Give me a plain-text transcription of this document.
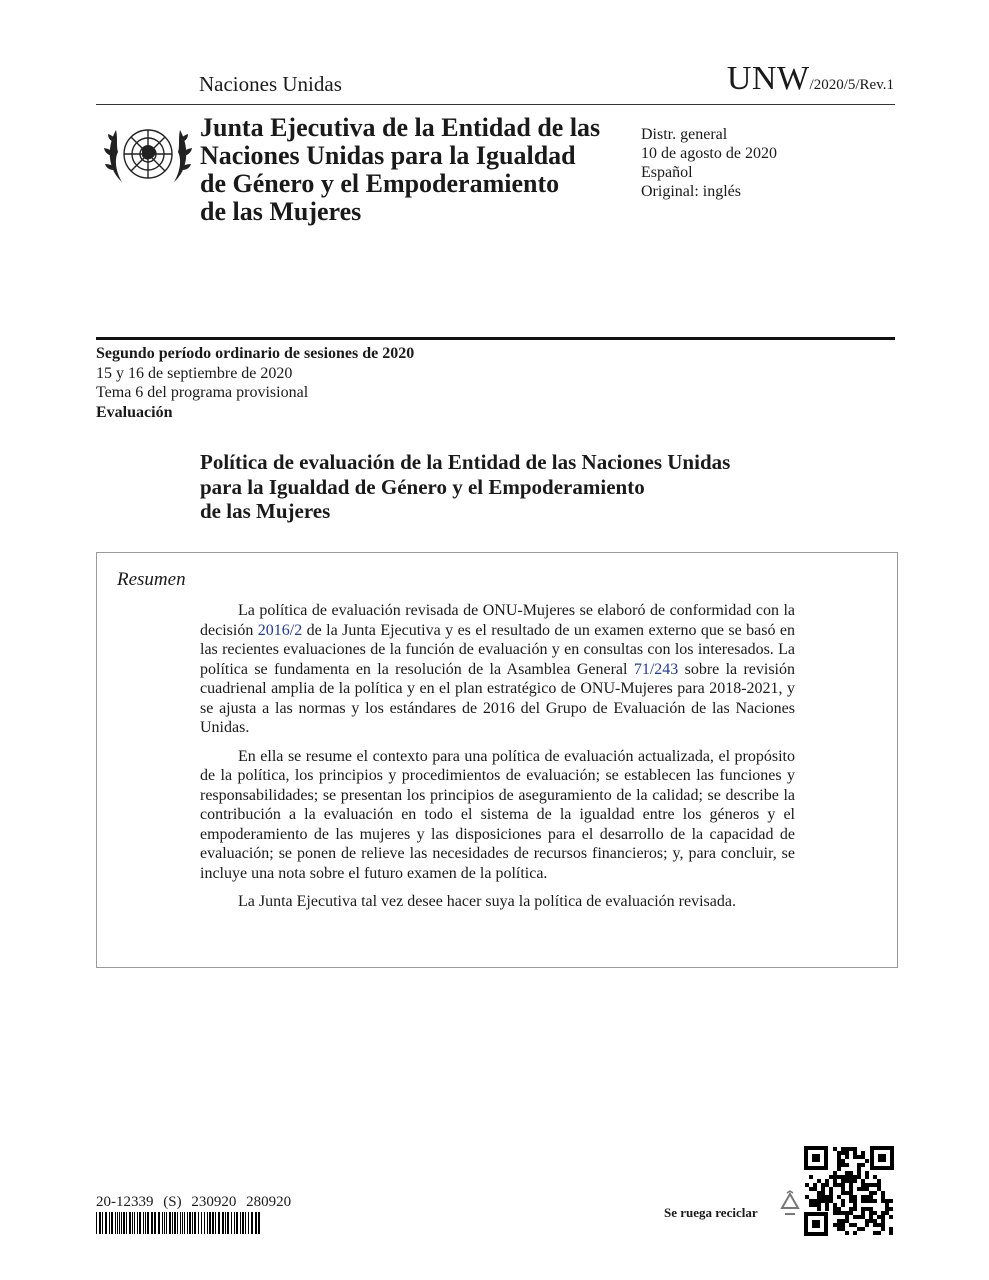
Naciones Unidas	UNW/2020/5/Rev.1
Junta Ejecutiva de la Entidad de las
Naciones Unidas para la Igualdad
de Género y el Empoderamiento
de las Mujeres
Distr. general
10 de agosto de 2020
Español
Original: inglés
Segundo período ordinario de sesiones de 2020
15 y 16 de septiembre de 2020
Tema 6 del programa provisional
Evaluación
Política de evaluación de la Entidad de las Naciones Unidas
para la Igualdad de Género y el Empoderamiento
de las Mujeres
Resumen

La política de evaluación revisada de ONU-Mujeres se elaboró de conformidad con la decisión 2016/2 de la Junta Ejecutiva y es el resultado de un examen externo que se basó en las recientes evaluaciones de la función de evaluación y en consultas con los interesados. La política se fundamenta en la resolución de la Asamblea General 71/243 sobre la revisión cuadrienal amplia de la política y en el plan estratégico de ONU-Mujeres para 2018-2021, y se ajusta a las normas y los estándares de 2016 del Grupo de Evaluación de las Naciones Unidas.

En ella se resume el contexto para una política de evaluación actualizada, el propósito de la política, los principios y procedimientos de evaluación; se establecen las funciones y responsabilidades; se presentan los principios de aseguramiento de la calidad; se describe la contribución a la evaluación en todo el sistema de la igualdad entre los géneros y el empoderamiento de las mujeres y las disposiciones para el desarrollo de la capacidad de evaluación; se ponen de relieve las necesidades de recursos financieros; y, para concluir, se incluye una nota sobre el futuro examen de la política.

La Junta Ejecutiva tal vez desee hacer suya la política de evaluación revisada.

20-12339 (S) 230920 280920
Se ruega reciclar
